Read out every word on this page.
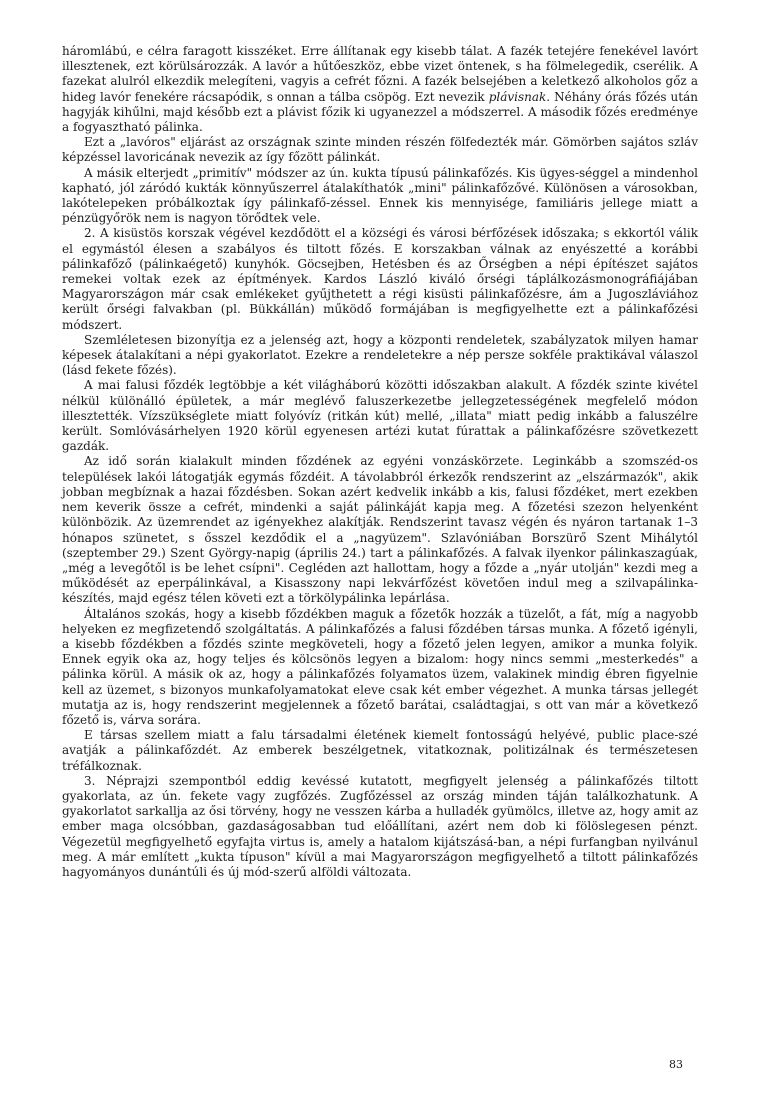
háromlábú, e célra faragott kisszéket. Erre állítanak egy kisebb tálat. A fazék tetejére fenekével lavórt illesztenek, ezt körülsározzák. A lavór a hűtőeszköz, ebbe vizet öntenek, s ha fölmelegedik, cserélik. A fazekat alulról elkezdik melegíteni, vagyis a cefrét főzni. A fazék belsejében a keletkező alkoholos gőz a hideg lavór fenekére rácsapódik, s onnan a tálba csöpög. Ezt nevezik plávisnak. Néhány órás főzés után hagyják kihűlni, majd később ezt a plávist főzik ki ugyanezzel a módszerrel. A második főzés eredménye a fogyasztható pálinka.

Ezt a „lavóros" eljárást az országnak szinte minden részén fölfedezték már. Gömörben sajátos szláv képzéssel lavoricának nevezik az így főzött pálinkát.

A másik elterjedt „primitív" módszer az ún. kukta típusú pálinkafőzés. Kis ügyes-séggel a mindenhol kapható, jól záródó kukták könnyűszerrel átalakíthatók „mini" pálinkafőzővé. Különösen a városokban, lakótelepeken próbálkoztak így pálinkafő-zéssel. Ennek kis mennyisége, familiáris jellege miatt a pénzügyőrök nem is nagyon törődtek vele.

2. A kisüstös korszak végével kezdődött el a községi és városi bérfőzések időszaka; s ekkortól válik el egymástól élesen a szabályos és tiltott főzés. E korszakban válnak az enyészetté a korábbi pálinkafőző (pálinkaégető) kunyhók. Göcsejben, Hetésben és az Őrségben a népi építészet sajátos remekei voltak ezek az építmények. Kardos László kiváló őrségi táplálkozásmonográfiájában Magyarországon már csak emlékeket gyűjthetett a régi kisüsti pálinkafőzésre, ám a Jugoszláviához került őrségi falvakban (pl. Bükkállán) működő formájában is megfigyelhette ezt a pálinkafőzési módszert.

Szemléletesen bizonyítja ez a jelenség azt, hogy a központi rendeletek, szabályzatok milyen hamar képesek átalakítani a népi gyakorlatot. Ezekre a rendeletekre a nép persze sokféle praktikával válaszol (lásd fekete főzés).

A mai falusi főzdék legtöbbje a két világháború közötti időszakban alakult. A főzdék szinte kivétel nélkül különálló épületek, a már meglévő faluszerkezetbe jellegzetességének megfelelő módon illesztették. Vízszükséglete miatt folyóvíz (ritkán kút) mellé, „illata" miatt pedig inkább a faluszélre került. Somlóvásárhelyen 1920 körül egyenesen artézi kutat fúrattak a pálinkafőzésre szövetkezett gazdák.

Az idő során kialakult minden főzdének az egyéni vonzáskörzete. Leginkább a szomszéd-os települések lakói látogatják egymás főzdéit. A távolabbról érkezők rendszerint az „elszármazók", akik jobban megbíznak a hazai főzdésben. Sokan azért kedvelik inkább a kis, falusi főzdéket, mert ezekben nem keverik össze a cefrét, mindenki a saját pálinkáját kapja meg. A főzetési szezon helyenként különbözik. Az üzemrendet az igényekhez alakítják. Rendszerint tavasz végén és nyáron tartanak 1–3 hónapos szünetet, s ősszel kezdődik el a „nagyüzem". Szlavóniában Borszürő Szent Mihálytól (szeptember 29.) Szent György-napig (április 24.) tart a pálinkafőzés. A falvak ilyenkor pálinkaszagúak, „még a levegőtől is be lehet csípni". Cegléden azt hallottam, hogy a főzde a „nyár utolján" kezdi meg a működését az eperpálinkával, a Kisasszony napi lekvárfőzést követően indul meg a szilvapálinka-készítés, majd egész télen követi ezt a törkölypálinka lepárlása.

Általános szokás, hogy a kisebb főzdékben maguk a főzetők hozzák a tüzelőt, a fát, míg a nagyobb helyeken ez megfizetendő szolgáltatás. A pálinkafőzés a falusi főzdében társas munka. A főzető igényli, a kisebb főzdékben a főzdés szinte megköveteli, hogy a főzető jelen legyen, amikor a munka folyik. Ennek egyik oka az, hogy teljes és kölcsönös legyen a bizalom: hogy nincs semmi „mesterkedés" a pálinka körül. A másik ok az, hogy a pálinkafőzés folyamatos üzem, valakinek mindig ébren figyelnie kell az üzemet, s bizonyos munkafolyamatokat eleve csak két ember végezhet. A munka társas jellegét mutatja az is, hogy rendszerint megjelennek a főzető barátai, családtagjai, s ott van már a következő főzető is, várva sorára.

E társas szellem miatt a falu társadalmi életének kiemelt fontosságú helyévé, public place-szé avatják a pálinkafőzdét. Az emberek beszélgetnek, vitatkoznak, politizálnak és természetesen tréfálkoznak.

3. Néprajzi szempontból eddig kevéssé kutatott, megfigyelt jelenség a pálinkafőzés tiltott gyakorlata, az ún. fekete vagy zugfőzés. Zugfőzéssel az ország minden táján találkozhatunk. A gyakorlatot sarkallja az ősi törvény, hogy ne vesszen kárba a hulladék gyümölcs, illetve az, hogy amit az ember maga olcsóbban, gazdaságosabban tud előállítani, azért nem dob ki fölöslegesen pénzt. Végezetül megfigyelhető egyfajta virtus is, amely a hatalom kijátszásá-ban, a népi furfangban nyilvánul meg. A már említett „kukta típuson" kívül a mai Magyarországon megfigyelhető a tiltott pálinkafőzés hagyományos dunántúli és új mód-szerű alföldi változata.

83
